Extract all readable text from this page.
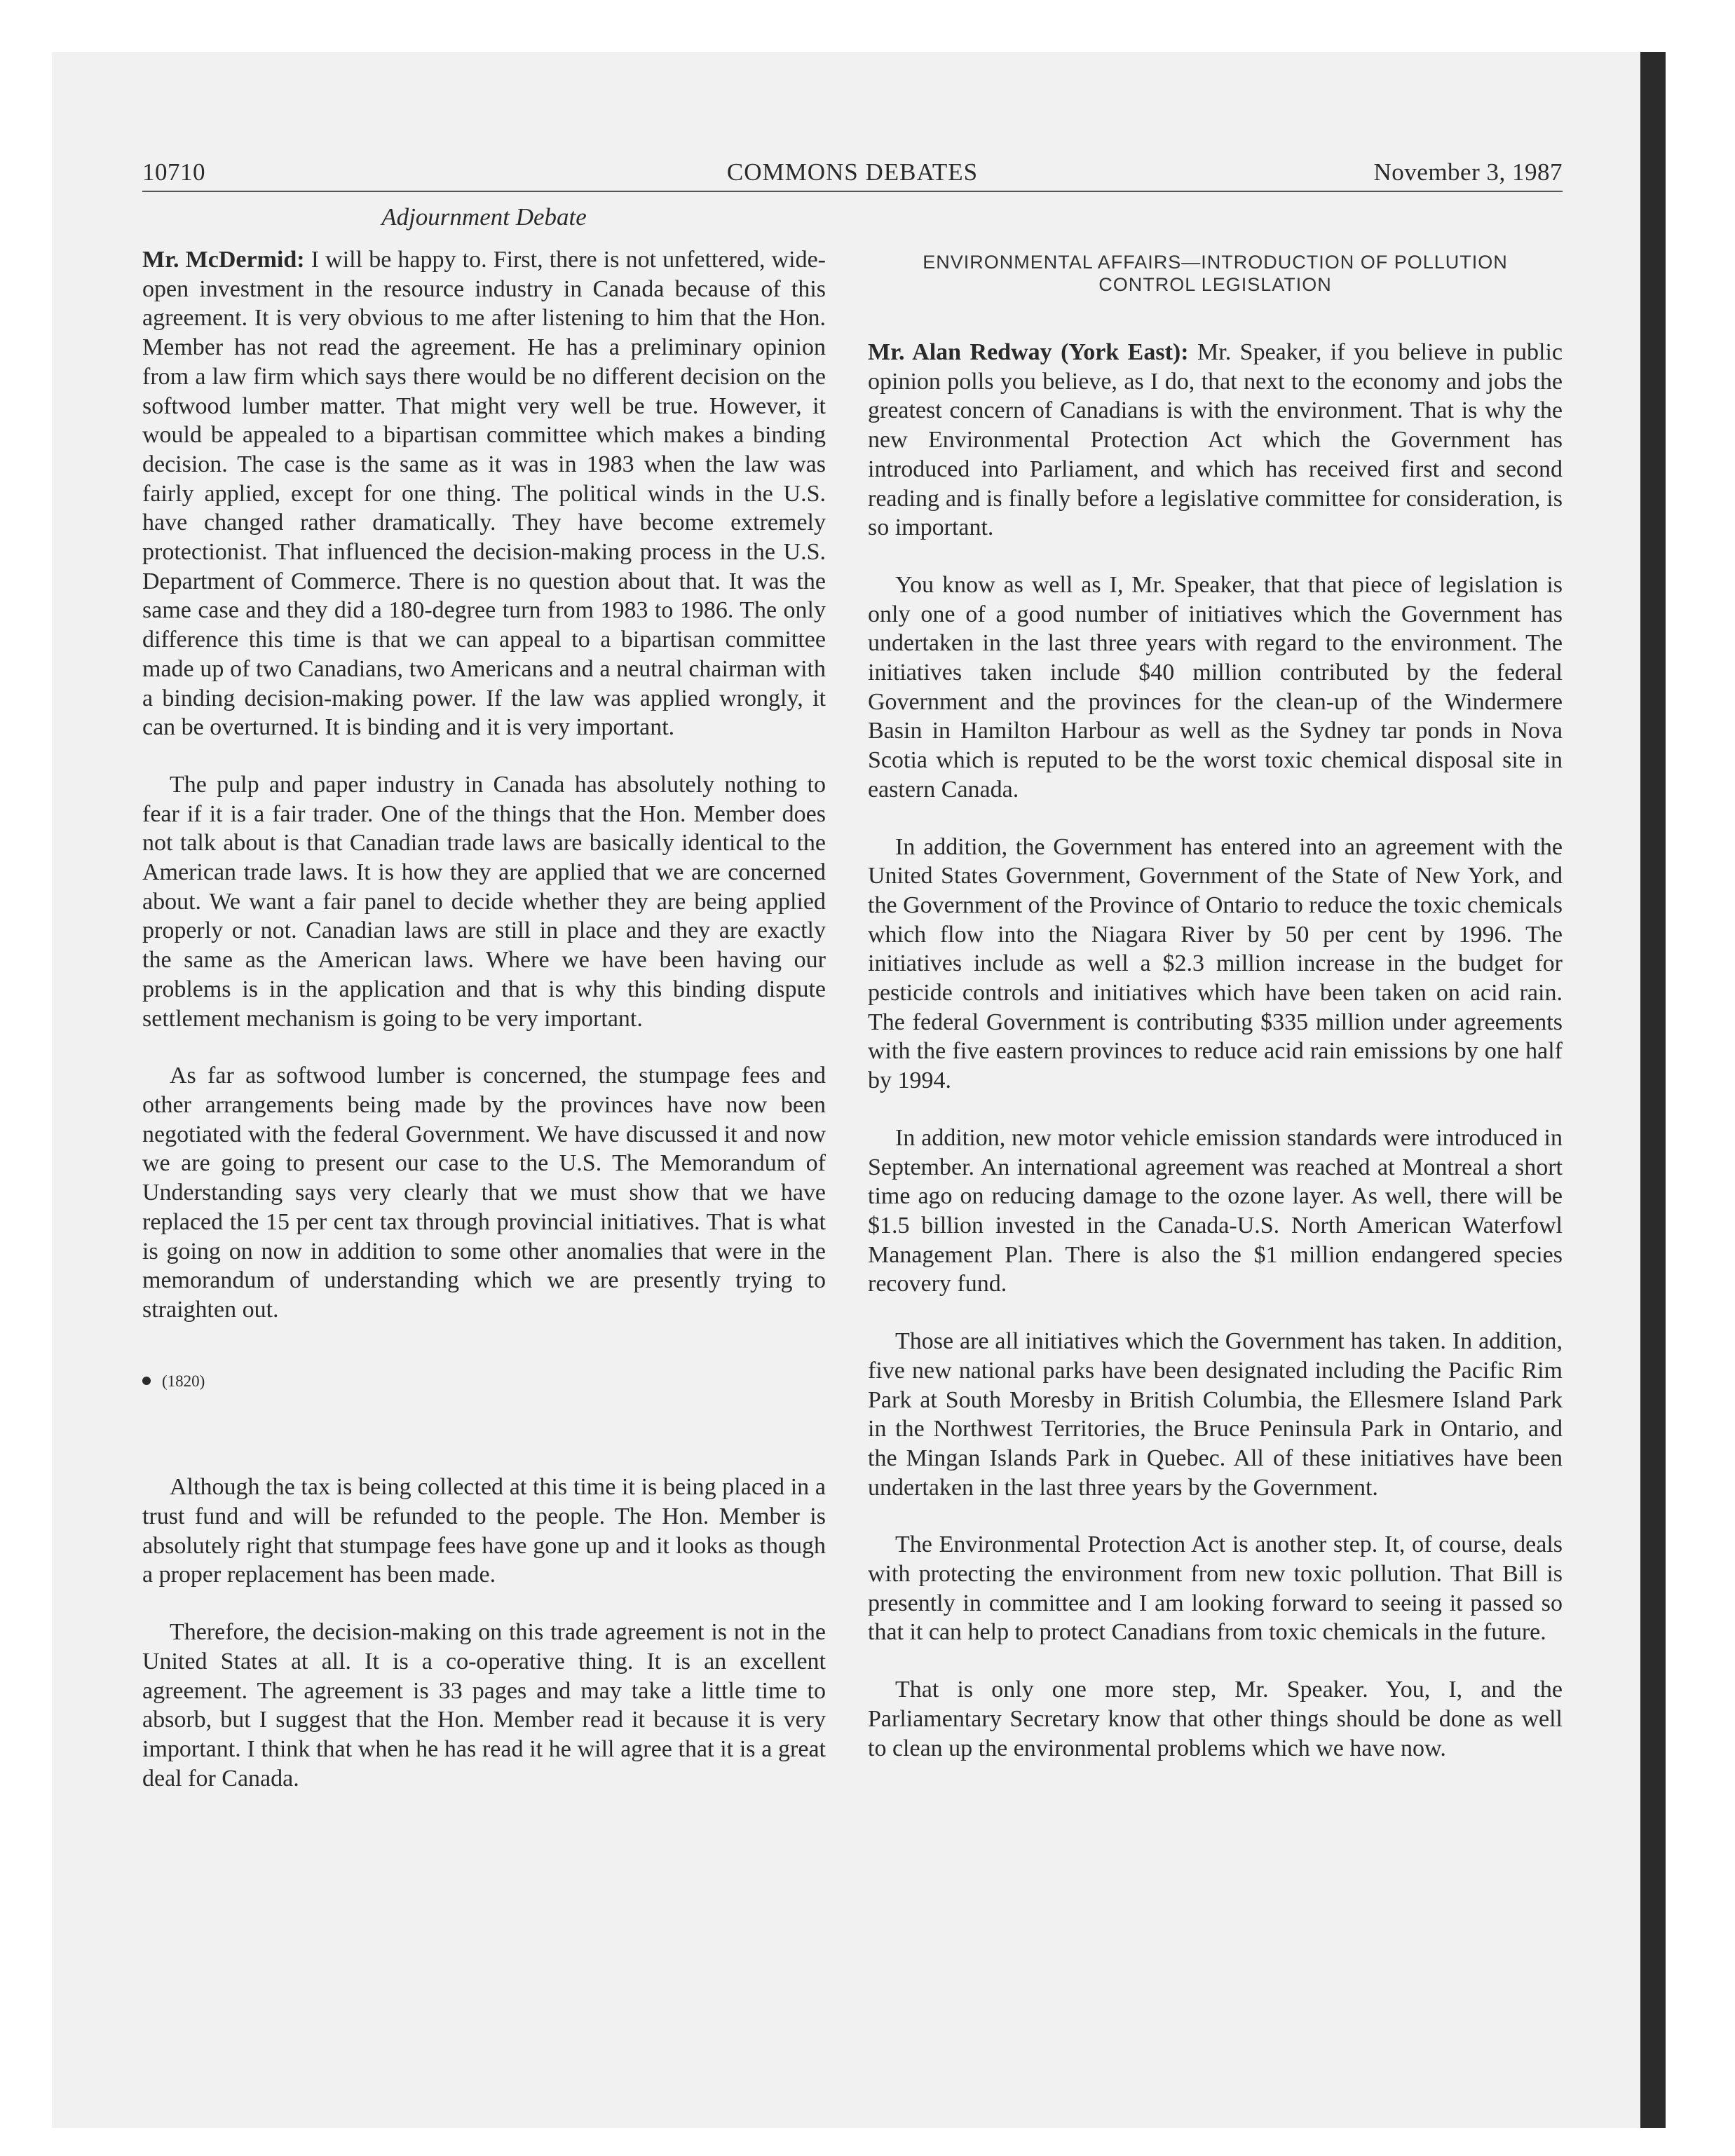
10710	COMMONS DEBATES	November 3, 1987
Adjournment Debate

Mr. McDermid: I will be happy to. First, there is not unfettered, wide-open investment in the resource industry in Canada because of this agreement. It is very obvious to me after listening to him that the Hon. Member has not read the agreement. He has a preliminary opinion from a law firm which says there would be no different decision on the softwood lumber matter. That might very well be true. However, it would be appealed to a bipartisan committee which makes a binding decision. The case is the same as it was in 1983 when the law was fairly applied, except for one thing. The political winds in the U.S. have changed rather dramatically. They have become extremely protectionist. That influenced the decision-making process in the U.S. Department of Commerce. There is no question about that. It was the same case and they did a 180-degree turn from 1983 to 1986. The only difference this time is that we can appeal to a bipartisan committee made up of two Canadians, two Americans and a neutral chairman with a binding decision-making power. If the law was applied wrongly, it can be overturned. It is binding and it is very important.

The pulp and paper industry in Canada has absolutely nothing to fear if it is a fair trader. One of the things that the Hon. Member does not talk about is that Canadian trade laws are basically identical to the American trade laws. It is how they are applied that we are concerned about. We want a fair panel to decide whether they are being applied properly or not. Canadian laws are still in place and they are exactly the same as the American laws. Where we have been having our problems is in the application and that is why this binding dispute settlement mechanism is going to be very important.

As far as softwood lumber is concerned, the stumpage fees and other arrangements being made by the provinces have now been negotiated with the federal Government. We have discussed it and now we are going to present our case to the U.S. The Memorandum of Understanding says very clearly that we must show that we have replaced the 15 per cent tax through provincial initiatives. That is what is going on now in addition to some other anomalies that were in the memorandum of understanding which we are presently trying to straighten out.

(1820)

Although the tax is being collected at this time it is being placed in a trust fund and will be refunded to the people. The Hon. Member is absolutely right that stumpage fees have gone up and it looks as though a proper replacement has been made.

Therefore, the decision-making on this trade agreement is not in the United States at all. It is a co-operative thing. It is an excellent agreement. The agreement is 33 pages and may take a little time to absorb, but I suggest that the Hon. Member read it because it is very important. I think that when he has read it he will agree that it is a great deal for Canada.

ENVIRONMENTAL AFFAIRS—INTRODUCTION OF POLLUTION
CONTROL LEGISLATION

Mr. Alan Redway (York East): Mr. Speaker, if you believe in public opinion polls you believe, as I do, that next to the economy and jobs the greatest concern of Canadians is with the environment. That is why the new Environmental Protection Act which the Government has introduced into Parliament, and which has received first and second reading and is finally before a legislative committee for consideration, is so important.

You know as well as I, Mr. Speaker, that that piece of legislation is only one of a good number of initiatives which the Government has undertaken in the last three years with regard to the environment. The initiatives taken include $40 million contributed by the federal Government and the provinces for the clean-up of the Windermere Basin in Hamilton Harbour as well as the Sydney tar ponds in Nova Scotia which is reputed to be the worst toxic chemical disposal site in eastern Canada.

In addition, the Government has entered into an agreement with the United States Government, Government of the State of New York, and the Government of the Province of Ontario to reduce the toxic chemicals which flow into the Niagara River by 50 per cent by 1996. The initiatives include as well a $2.3 million increase in the budget for pesticide controls and initiatives which have been taken on acid rain. The federal Government is contributing $335 million under agreements with the five eastern provinces to reduce acid rain emissions by one half by 1994.

In addition, new motor vehicle emission standards were introduced in September. An international agreement was reached at Montreal a short time ago on reducing damage to the ozone layer. As well, there will be $1.5 billion invested in the Canada-U.S. North American Waterfowl Management Plan. There is also the $1 million endangered species recovery fund.

Those are all initiatives which the Government has taken. In addition, five new national parks have been designated including the Pacific Rim Park at South Moresby in British Columbia, the Ellesmere Island Park in the Northwest Territories, the Bruce Peninsula Park in Ontario, and the Mingan Islands Park in Quebec. All of these initiatives have been undertaken in the last three years by the Government.

The Environmental Protection Act is another step. It, of course, deals with protecting the environment from new toxic pollution. That Bill is presently in committee and I am looking forward to seeing it passed so that it can help to protect Canadians from toxic chemicals in the future.

That is only one more step, Mr. Speaker. You, I, and the Parliamentary Secretary know that other things should be done as well to clean up the environmental problems which we have now.
